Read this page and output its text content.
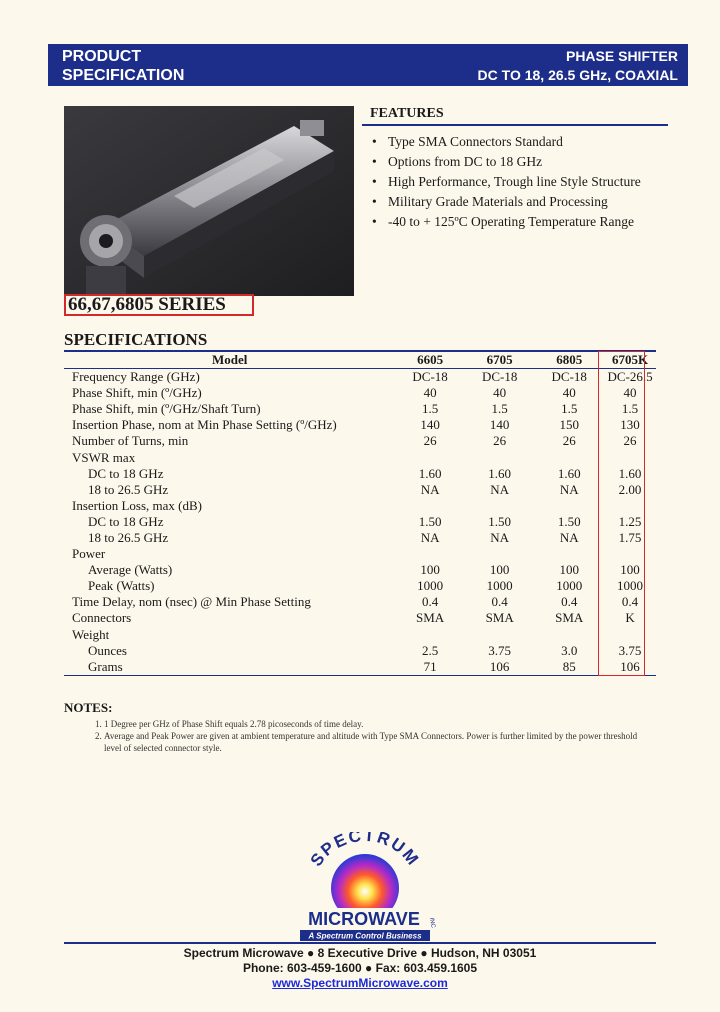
PRODUCT
SPECIFICATION
PHASE SHIFTER
DC TO 18, 26.5 GHz, COAXIAL
66,67,6805 SERIES
FEATURES
• Type SMA Connectors Standard
• Options from DC to 18 GHz
• High Performance, Trough line Style Structure
• Military Grade Materials and Processing
• -40 to + 125ºC Operating Temperature Range
SPECIFICATIONS
Model	6605	6705	6805	6705K
Frequency Range (GHz)	DC-18	DC-18	DC-18	DC-26.5
Phase Shift, min (º/GHz)	40	40	40	40
Phase Shift, min (º/GHz/Shaft Turn)	1.5	1.5	1.5	1.5
Insertion Phase, nom at Min Phase Setting (º/GHz)	140	140	150	130
Number of Turns, min	26	26	26	26
VSWR max				
DC to 18 GHz	1.60	1.60	1.60	1.60
18 to 26.5 GHz	NA	NA	NA	2.00
Insertion Loss, max (dB)				
DC to 18 GHz	1.50	1.50	1.50	1.25
18 to 26.5 GHz	NA	NA	NA	1.75
Power				
Average (Watts)	100	100	100	100
Peak (Watts)	1000	1000	1000	1000
Time Delay, nom (nsec) @ Min Phase Setting	0.4	0.4	0.4	0.4
Connectors	SMA	SMA	SMA	K
Weight				
Ounces	2.5	3.75	3.0	3.75
Grams	71	106	85	106
NOTES:
1. 1 Degree per GHz of Phase Shift equals 2.78 picoseconds of time delay.
2. Average and Peak Power are given at ambient temperature and altitude with Type SMA Connectors. Power is further limited by the power threshold level of selected connector style.
SPECTRUM
MICROWAVE INC
A Spectrum Control Business
Spectrum Microwave ● 8 Executive Drive ● Hudson, NH 03051
Phone: 603-459-1600 ● Fax: 603.459.1605
www.SpectrumMicrowave.com
